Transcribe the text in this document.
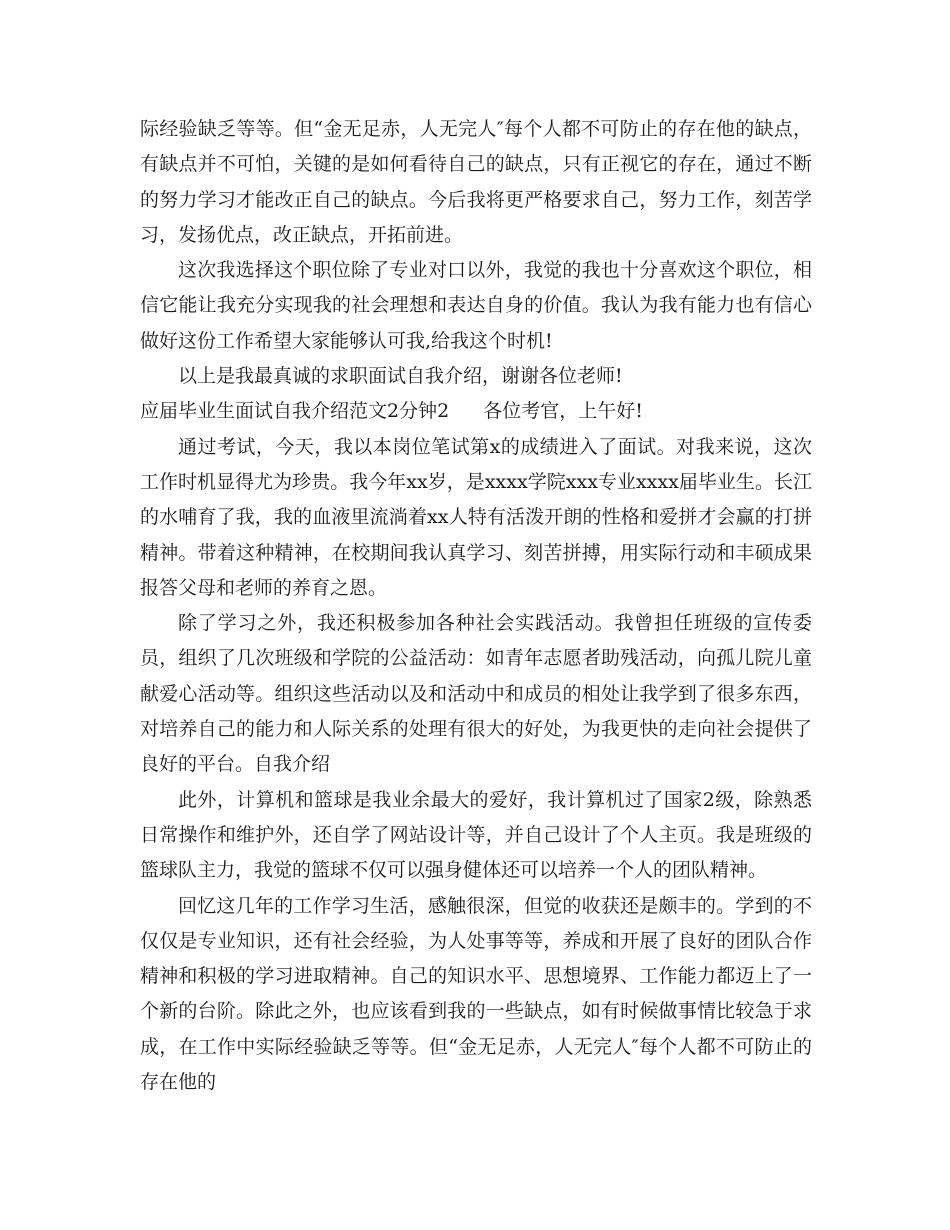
际经验缺乏等等。但“金无足赤，人无完人″每个人都不可防止的存在他的缺点，有缺点并不可怕，关键的是如何看待自己的缺点，只有正视它的存在，通过不断的努力学习才能改正自己的缺点。今后我将更严格要求自己，努力工作，刻苦学习，发扬优点，改正缺点，开拓前进。

这次我选择这个职位除了专业对口以外，我觉的我也十分喜欢这个职位，相信它能让我充分实现我的社会理想和表达自身的价值。我认为我有能力也有信心做好这份工作希望大家能够认可我,给我这个时机!

以上是我最真诚的求职面试自我介绍，谢谢各位老师!

应届毕业生面试自我介绍范文2分钟2 各位考官，上午好!

通过考试，今天，我以本岗位笔试第x的成绩进入了面试。对我来说，这次工作时机显得尤为珍贵。我今年xx岁，是xxxx学院xxx专业xxxx届毕业生。长江的水哺育了我，我的血液里流淌着xx人特有活泼开朗的性格和爱拼才会赢的打拼精神。带着这种精神，在校期间我认真学习、刻苦拼搏，用实际行动和丰硕成果报答父母和老师的养育之恩。

除了学习之外，我还积极参加各种社会实践活动。我曾担任班级的宣传委员，组织了几次班级和学院的公益活动：如青年志愿者助残活动，向孤儿院儿童献爱心活动等。组织这些活动以及和活动中和成员的相处让我学到了很多东西，对培养自己的能力和人际关系的处理有很大的好处，为我更快的走向社会提供了良好的平台。自我介绍

此外，计算机和篮球是我业余最大的爱好，我计算机过了国家2级，除熟悉日常操作和维护外，还自学了网站设计等，并自己设计了个人主页。我是班级的篮球队主力，我觉的篮球不仅可以强身健体还可以培养一个人的团队精神。

回忆这几年的工作学习生活，感触很深，但觉的收获还是颇丰的。学到的不仅仅是专业知识，还有社会经验，为人处事等等，养成和开展了良好的团队合作精神和积极的学习进取精神。自己的知识水平、思想境界、工作能力都迈上了一个新的台阶。除此之外，也应该看到我的一些缺点，如有时候做事情比较急于求成，在工作中实际经验缺乏等等。但“金无足赤，人无完人″每个人都不可防止的存在他的
